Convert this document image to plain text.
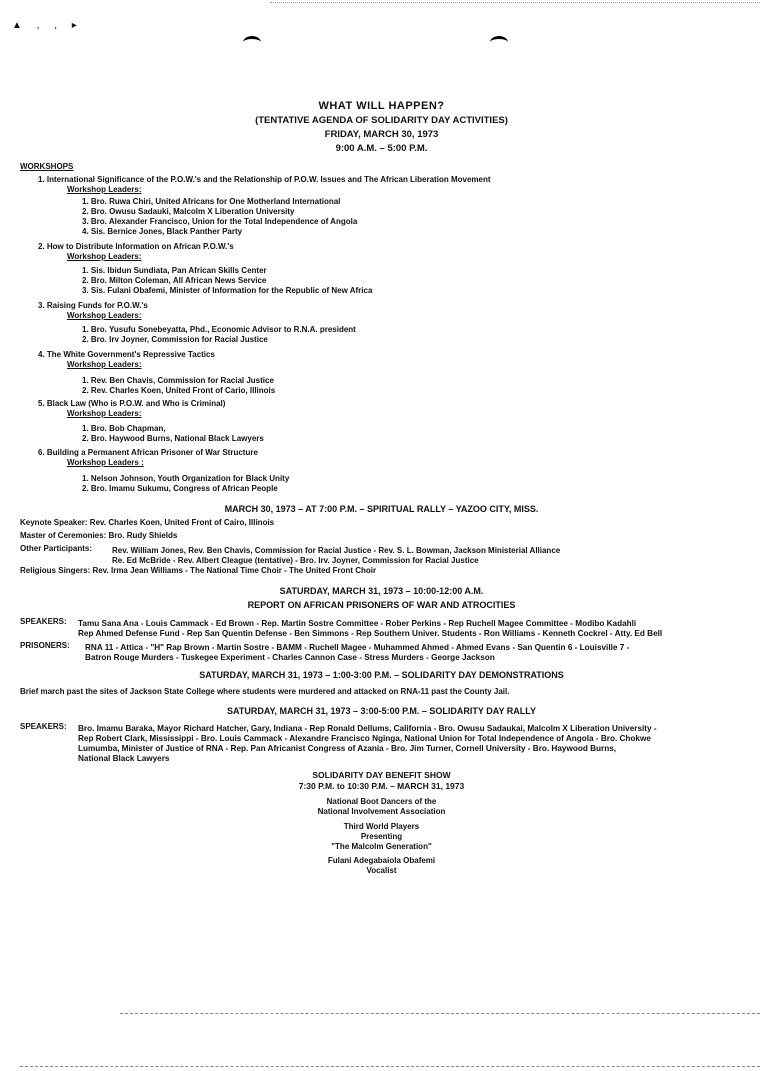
▲ , , ▸
WHAT WILL HAPPEN?
(TENTATIVE AGENDA OF SOLIDARITY DAY ACTIVITIES)
FRIDAY, MARCH 30, 1973
9:00 A.M. – 5:00 P.M.
WORKSHOPS
1. International Significance of the P.O.W.'s and the Relationship of P.O.W. Issues and The African Liberation Movement
Workshop Leaders:
1. Bro. Ruwa Chiri, United Africans for One Motherland International
2. Bro. Owusu Sadauki, Malcolm X Liberation University
3. Bro. Alexander Francisco, Union for the Total Independence of Angola
4. Sis. Bernice Jones, Black Panther Party
2. How to Distribute Information on African P.O.W.'s
Workshop Leaders:
1. Sis. Ibidun Sundiata, Pan African Skills Center
2. Bro. Milton Coleman, All African News Service
3. Sis. Fulani Obafemi, Minister of Information for the Republic of New Africa
3. Raising Funds for P.O.W.'s
Workshop Leaders:
1. Bro. Yusufu Sonebeyatta, Phd., Economic Advisor to R.N.A. president
2. Bro. Irv Joyner, Commission for Racial Justice
4. The White Government's Repressive Tactics
Workshop Leaders:
1. Rev. Ben Chavis, Commission for Racial Justice
2. Rev. Charles Koen, United Front of Cario, Illinois
5. Black Law (Who is P.O.W. and Who is Criminal)
Workshop Leaders:
1. Bro. Bob Chapman,
2. Bro. Haywood Burns, National Black Lawyers
6. Building a Permanent African Prisoner of War Structure
Workshop Leaders :
1. Nelson Johnson, Youth Organization for Black Unity
2. Bro. Imamu Sukumu, Congress of African People
MARCH 30, 1973 – AT 7:00 P.M. – SPIRITUAL RALLY – YAZOO CITY, MISS.
Keynote Speaker: Rev. Charles Koen, United Front of Cairo, Illinois
Master of Ceremonies: Bro. Rudy Shields
Other Participants: Rev. William Jones, Rev. Ben Chavis, Commission for Racial Justice - Rev. S. L. Bowman, Jackson Ministerial Alliance
Re. Ed McBride - Rev. Albert Cleague (tentative) - Bro. Irv. Joyner, Commission for Racial Justice
Religious Singers: Rev. Irma Jean Williams - The National Time Choir - The United Front Choir
SATURDAY, MARCH 31, 1973 – 10:00-12:00 A.M.
REPORT ON AFRICAN PRISONERS OF WAR AND ATROCITIES
SPEAKERS: Tamu Sana Ana - Louis Cammack - Ed Brown - Rep. Martin Sostre Committee - Rober Perkins - Rep Ruchell Magee Committee - Modibo Kadahli
Rep Ahmed Defense Fund - Rep San Quentin Defense - Ben Simmons - Rep Southern Univer. Students - Ron Williams - Kenneth Cockrel - Atty. Ed Bell
PRISONERS: RNA 11 - Attica - "H" Rap Brown - Martin Sostre - BAMM - Ruchell Magee - Muhammed Ahmed - Ahmed Evans - San Quentin 6 - Louisville 7 -
Batron Rouge Murders - Tuskegee Experiment - Charles Cannon Case - Stress Murders - George Jackson
SATURDAY, MARCH 31, 1973 – 1:00-3:00 P.M. – SOLIDARITY DAY DEMONSTRATIONS
Brief march past the sites of Jackson State College where students were murdered and attacked on RNA-11 past the County Jail.
SATURDAY, MARCH 31, 1973 – 3:00-5:00 P.M. – SOLIDARITY DAY RALLY
SPEAKERS: Bro. Imamu Baraka, Mayor Richard Hatcher, Gary, Indiana - Rep Ronald Dellums, California - Bro. Owusu Sadaukai, Malcolm X Liberation University -
Rep Robert Clark, Mississippi - Bro. Louis Cammack - Alexandre Francisco Nginga, National Union for Total Independence of Angola - Bro. Chokwe
Lumumba, Minister of Justice of RNA - Rep. Pan Africanist Congress of Azania - Bro. Jim Turner, Cornell University - Bro. Haywood Burns,
National Black Lawyers
SOLIDARITY DAY BENEFIT SHOW
7:30 P.M. to 10:30 P.M. – MARCH 31, 1973
National Boot Dancers of the
National Involvement Association
Third World Players
Presenting
"The Malcolm Generation"
Fulani Adegabaiola Obafemi
Vocalist
